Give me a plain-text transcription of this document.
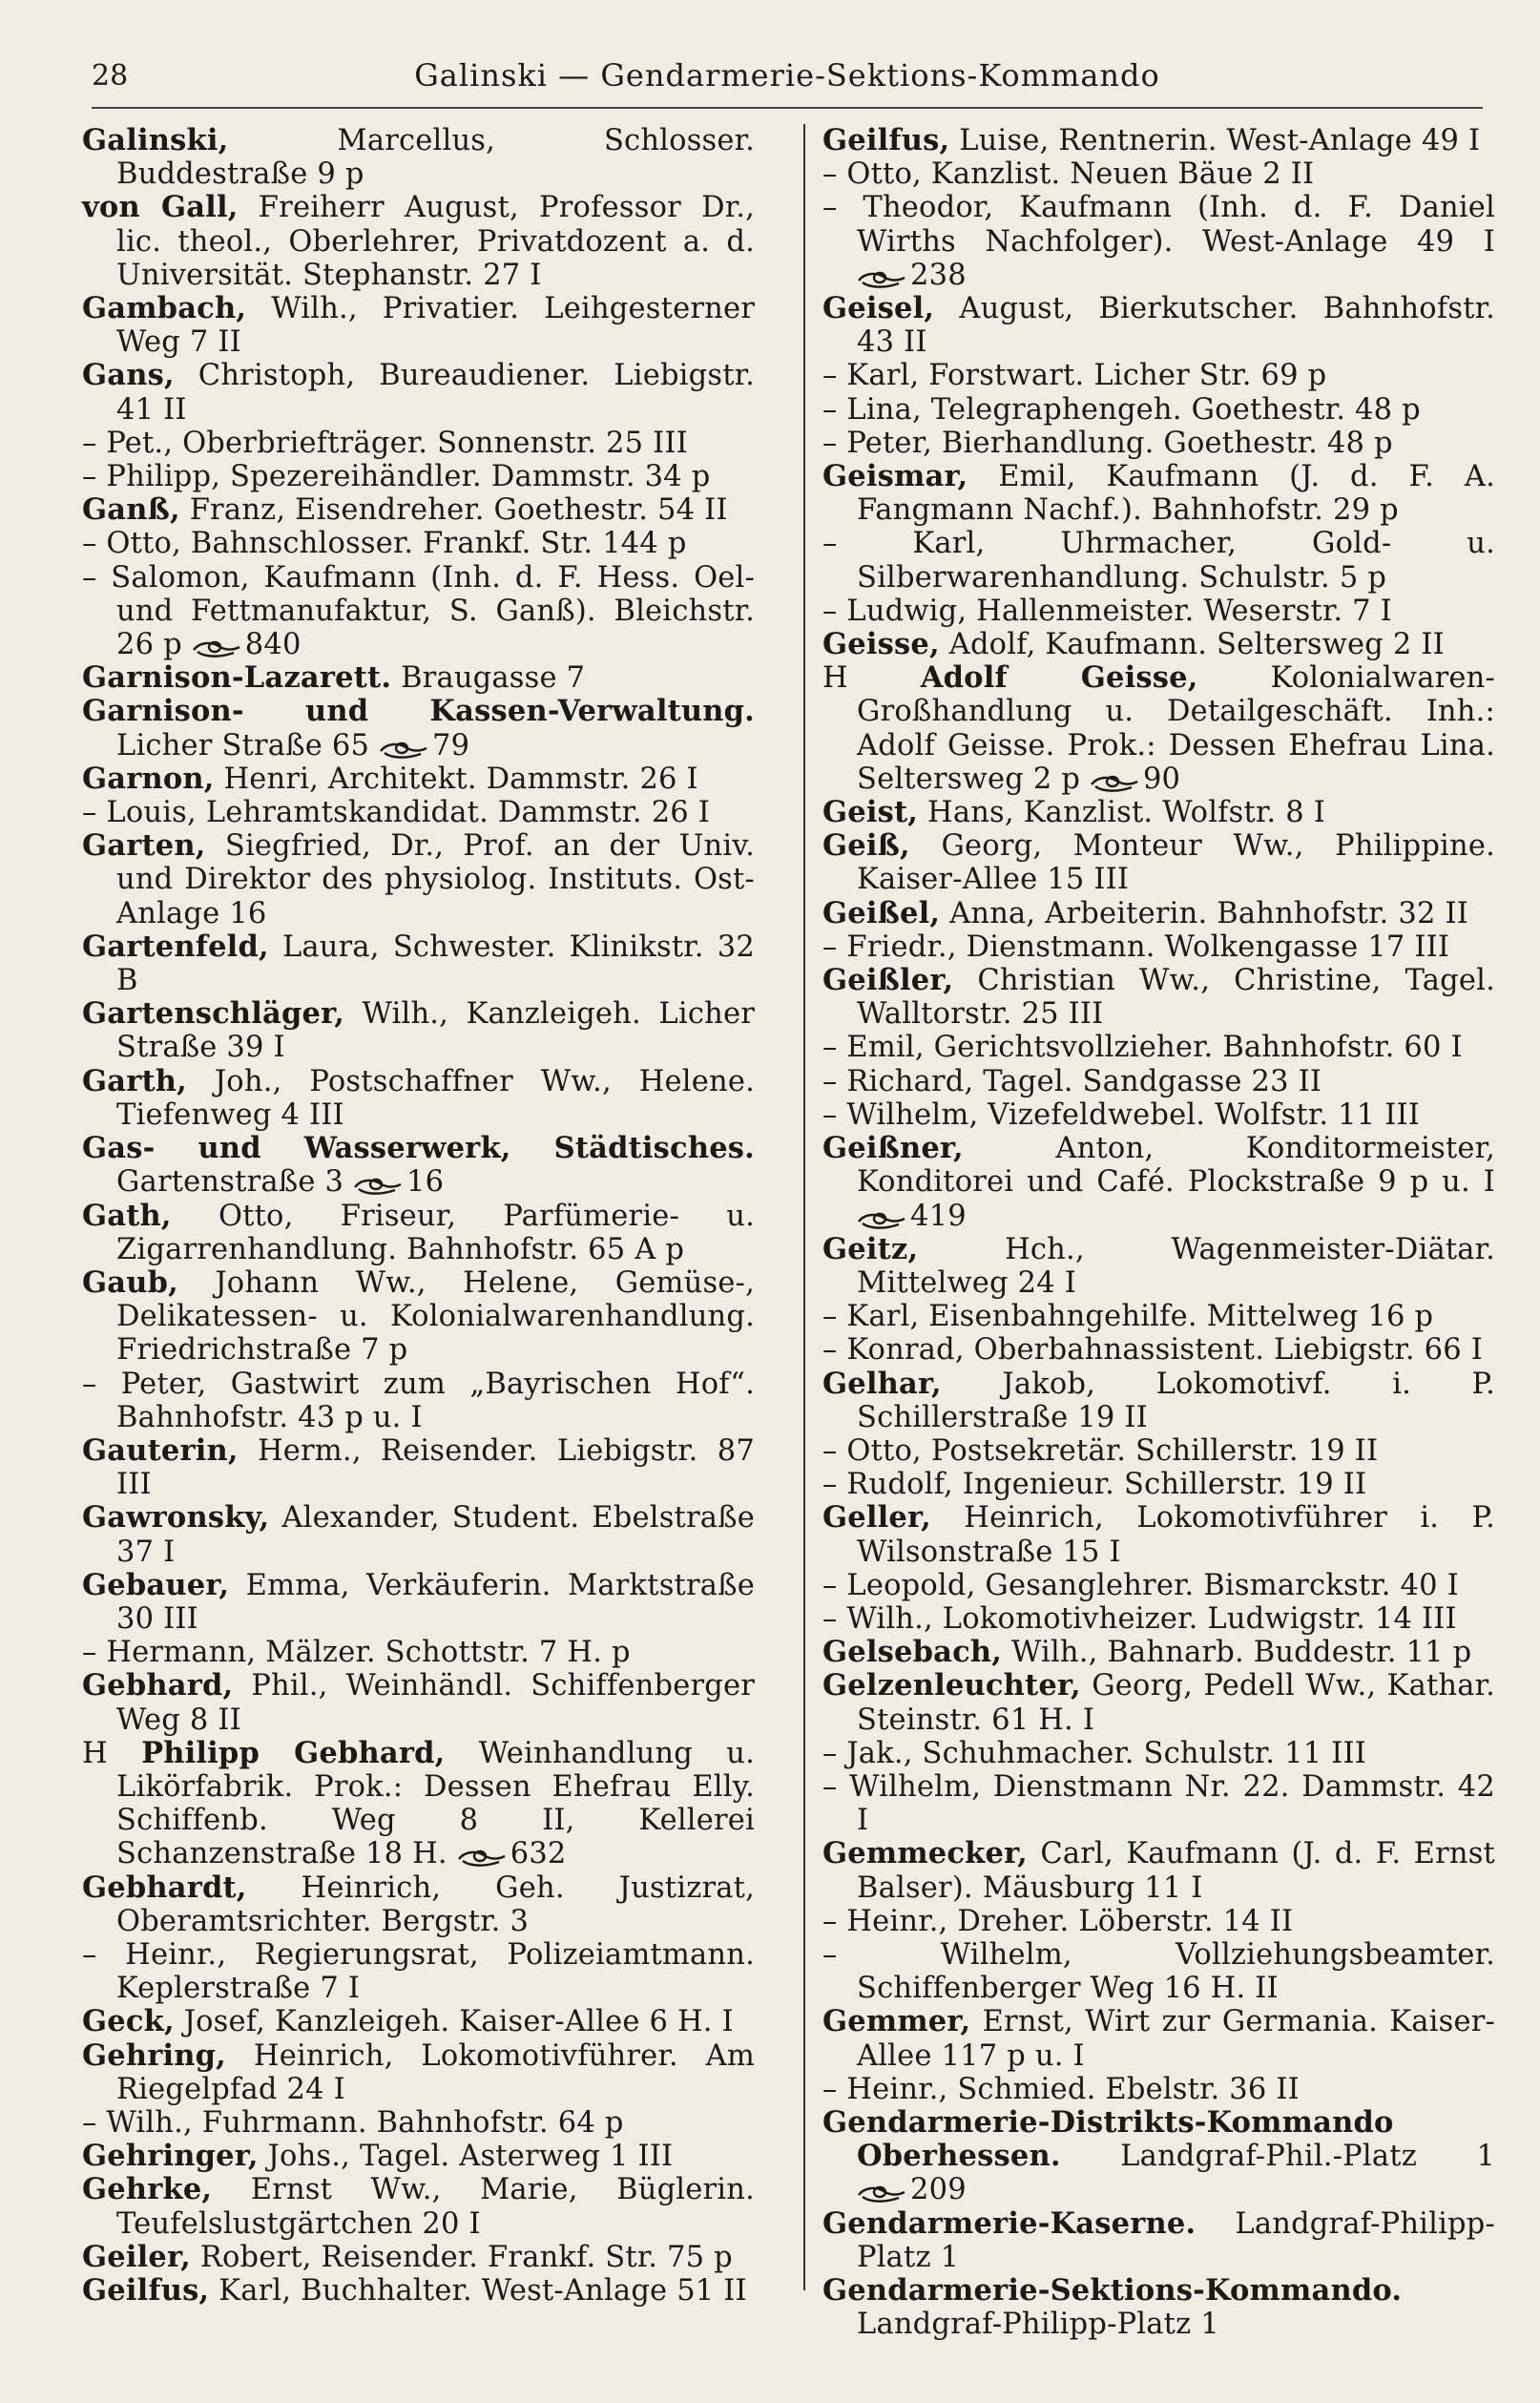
28	Galinski — Gendarmerie-Sektions-Kommando
Galinski,	Marcellus, Schlosser. Buddestraße 9 p
von Gall, Freiherr August, Professor Dr., lic. theol., Oberlehrer, Privatdozent a. d. Universität. Stephanstr. 27 I
Gambach, Wilh., Privatier. Leihgesterner Weg 7 II
Gans, Christoph, Bureaudiener. Liebigstr. 41 II
– Pet., Oberbriefträger. Sonnenstr. 25 III
– Philipp, Spezereihändler. Dammstr. 34 p
Ganß, Franz, Eisendreher. Goethestr. 54 II
– Otto, Bahnschlosser. Frankf. Str. 144 p
– Salomon, Kaufmann (Inh. d. F. Hess. Oel- und Fettmanufaktur, S. Ganß). Bleichstr. 26 p 840
Garnison-Lazarett. Braugasse 7
Garnison- und Kassen-Verwaltung. Licher Straße 65 79
Garnon, Henri, Architekt. Dammstr. 26 I
– Louis, Lehramtskandidat. Dammstr. 26 I
Garten, Siegfried, Dr., Prof. an der Univ. und Direktor des physiolog. Instituts. Ost-Anlage 16
Gartenfeld, Laura, Schwester. Klinikstr. 32 B
Gartenschläger, Wilh., Kanzleigeh. Licher Straße 39 I
Garth, Joh., Postschaffner Ww., Helene. Tiefenweg 4 III
Gas- und Wasserwerk, Städtisches. Gartenstraße 3 16
Gath, Otto, Friseur, Parfümerie- u. Zigarrenhandlung. Bahnhofstr. 65 A p
Gaub, Johann Ww., Helene, Gemüse-, Delikatessen- u. Kolonialwarenhandlung. Friedrichstraße 7 p
– Peter, Gastwirt zum „Bayrischen Hof“. Bahnhofstr. 43 p u. I
Gauterin, Herm., Reisender. Liebigstr. 87 III
Gawronsky, Alexander, Student. Ebelstraße 37 I
Gebauer, Emma, Verkäuferin. Marktstraße 30 III
– Hermann, Mälzer. Schottstr. 7 H. p
Gebhard, Phil., Weinhändl. Schiffenberger Weg 8 II
H Philipp Gebhard, Weinhandlung u. Likörfabrik. Prok.: Dessen Ehefrau Elly. Schiffenb. Weg 8 II, Kellerei Schanzenstraße 18 H. 632
Gebhardt, Heinrich, Geh. Justizrat, Oberamtsrichter. Bergstr. 3
– Heinr., Regierungsrat, Polizeiamtmann. Keplerstraße 7 I
Geck, Josef, Kanzleigeh. Kaiser-Allee 6 H. I
Gehring, Heinrich, Lokomotivführer. Am Riegelpfad 24 I
– Wilh., Fuhrmann. Bahnhofstr. 64 p
Gehringer, Johs., Tagel. Asterweg 1 III
Gehrke, Ernst Ww., Marie, Büglerin. Teufelslustgärtchen 20 I
Geiler, Robert, Reisender. Frankf. Str. 75 p
Geilfus, Karl, Buchhalter. West-Anlage 51 II
Geilfus, Luise, Rentnerin. West-Anlage 49 I
– Otto, Kanzlist. Neuen Bäue 2 II
– Theodor, Kaufmann (Inh. d. F. Daniel Wirths Nachfolger). West-Anlage 49 I 238
Geisel, August, Bierkutscher. Bahnhofstr. 43 II
– Karl, Forstwart. Licher Str. 69 p
– Lina, Telegraphengeh. Goethestr. 48 p
– Peter, Bierhandlung. Goethestr. 48 p
Geismar, Emil, Kaufmann (J. d. F. A. Fangmann Nachf.). Bahnhofstr. 29 p
–	Karl, Uhrmacher, Gold- u. Silberwarenhandlung. Schulstr. 5 p
– Ludwig, Hallenmeister. Weserstr. 7 I
Geisse, Adolf, Kaufmann. Seltersweg 2 II
H Adolf Geisse, Kolonialwaren-Großhandlung u. Detailgeschäft. Inh.: Adolf Geisse. Prok.: Dessen Ehefrau Lina. Seltersweg 2 p 90
Geist, Hans, Kanzlist. Wolfstr. 8 I
Geiß, Georg, Monteur Ww., Philippine. Kaiser-Allee 15 III
Geißel, Anna, Arbeiterin. Bahnhofstr. 32 II
– Friedr., Dienstmann. Wolkengasse 17 III
Geißler, Christian Ww., Christine, Tagel. Walltorstr. 25 III
– Emil, Gerichtsvollzieher. Bahnhofstr. 60 I
– Richard, Tagel. Sandgasse 23 II
– Wilhelm, Vizefeldwebel. Wolfstr. 11 III
Geißner,	Anton, Konditormeister, Konditorei und Café. Plockstraße 9 p u. I 419
Geitz,	Hch., Wagenmeister-Diätar. Mittelweg 24 I
– Karl, Eisenbahngehilfe. Mittelweg 16 p
– Konrad, Oberbahnassistent. Liebigstr. 66 I
Gelhar, Jakob, Lokomotivf. i. P. Schillerstraße 19 II
– Otto, Postsekretär. Schillerstr. 19 II
– Rudolf, Ingenieur. Schillerstr. 19 II
Geller, Heinrich, Lokomotivführer i. P. Wilsonstraße 15 I
– Leopold, Gesanglehrer. Bismarckstr. 40 I
– Wilh., Lokomotivheizer. Ludwigstr. 14 III
Gelsebach, Wilh., Bahnarb. Buddestr. 11 p
Gelzenleuchter, Georg, Pedell Ww., Kathar. Steinstr. 61 H. I
– Jak., Schuhmacher. Schulstr. 11 III
– Wilhelm, Dienstmann Nr. 22. Dammstr. 42 I
Gemmecker, Carl, Kaufmann (J. d. F. Ernst Balser). Mäusburg 11 I
– Heinr., Dreher. Löberstr. 14 II
–	Wilhelm, Vollziehungsbeamter. Schiffenberger Weg 16 H. II
Gemmer, Ernst, Wirt zur Germania. Kaiser-Allee 117 p u. I
– Heinr., Schmied. Ebelstr. 36 II
Gendarmerie-Distrikts-Kommando Oberhessen. Landgraf-Phil.-Platz 1 209
Gendarmerie-Kaserne. Landgraf-Philipp-Platz 1
Gendarmerie-Sektions-Kommando. Landgraf-Philipp-Platz 1
